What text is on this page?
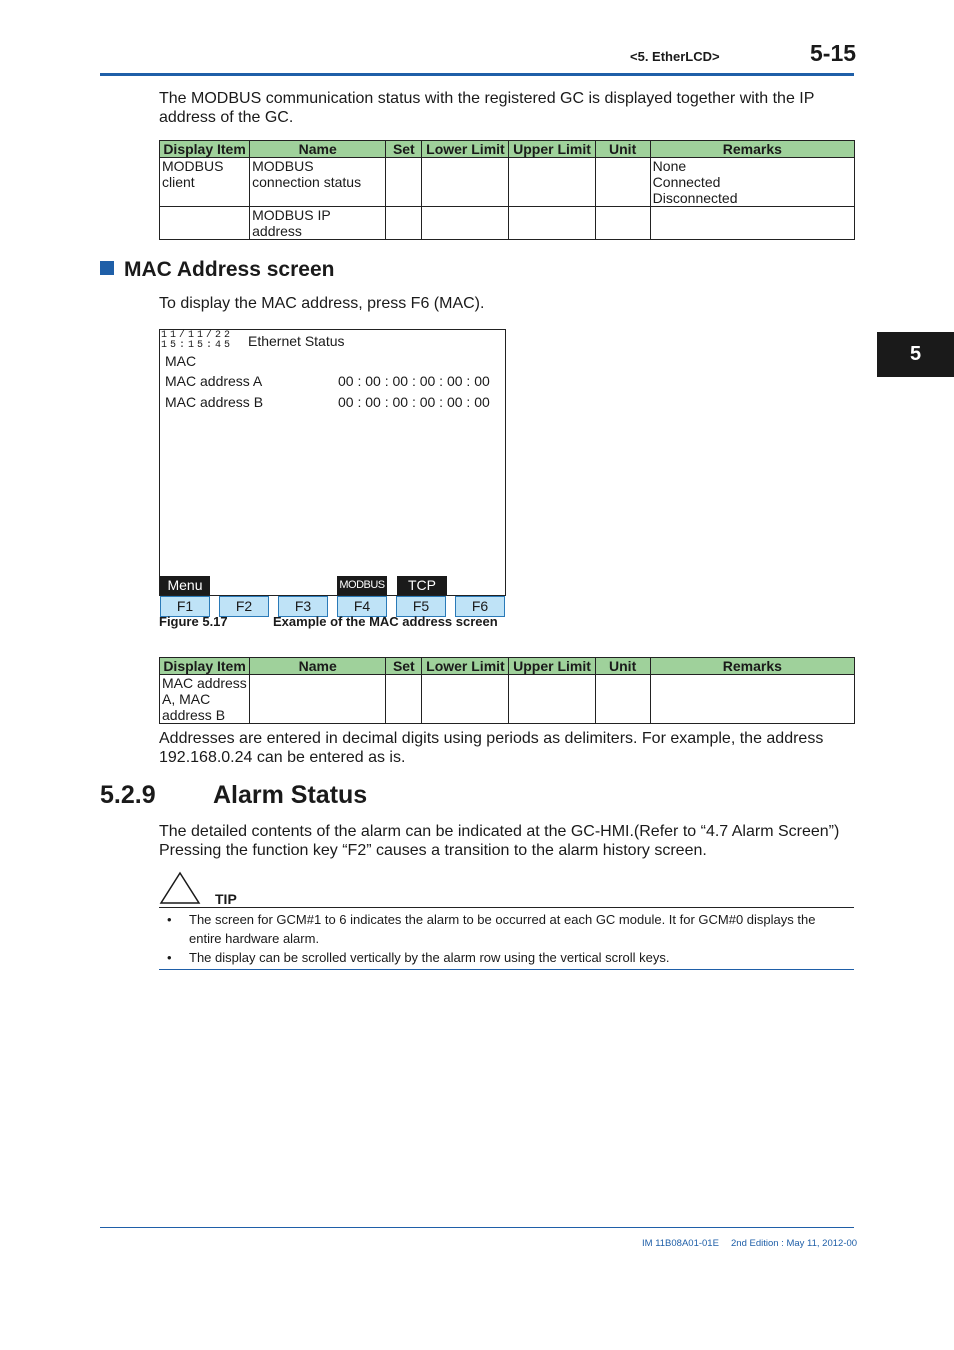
<5. EtherLCD>	5-15
5
The MODBUS communication status with the registered GC is displayed together with the IP address of the GC.
Display Item	Name	Set	Lower Limit	Upper Limit	Unit	Remarks
MODBUS client	MODBUS connection status					None
Connected
Disconnected
	MODBUS IP address					
MAC Address screen
To display the MAC address, press F6 (MAC).
11/11/22
15:15:45 Ethernet Status
MAC
MAC address A	00 : 00 : 00 : 00 : 00 : 00
MAC address B	00 : 00 : 00 : 00 : 00 : 00
Menu	MODBUS	TCP
F1	F2	F3	F4	F5	F6
Figure 5.17	Example of the MAC address screen
Display Item	Name	Set	Lower Limit	Upper Limit	Unit	Remarks
MAC address A, MAC address B						
Addresses are entered in decimal digits using periods as delimiters. For example, the address 192.168.0.24 can be entered as is.
5.2.9 Alarm Status
The detailed contents of the alarm can be indicated at the GC-HMI.(Refer to “4.7 Alarm Screen”) Pressing the function key “F2” causes a transition to the alarm history screen.
TIP
• The screen for GCM#1 to 6 indicates the alarm to be occurred at each GC module. It for GCM#0 displays the entire hardware alarm.
• The display can be scrolled vertically by the alarm row using the vertical scroll keys.
IM 11B08A01-01E 2nd Edition : May 11, 2012-00
